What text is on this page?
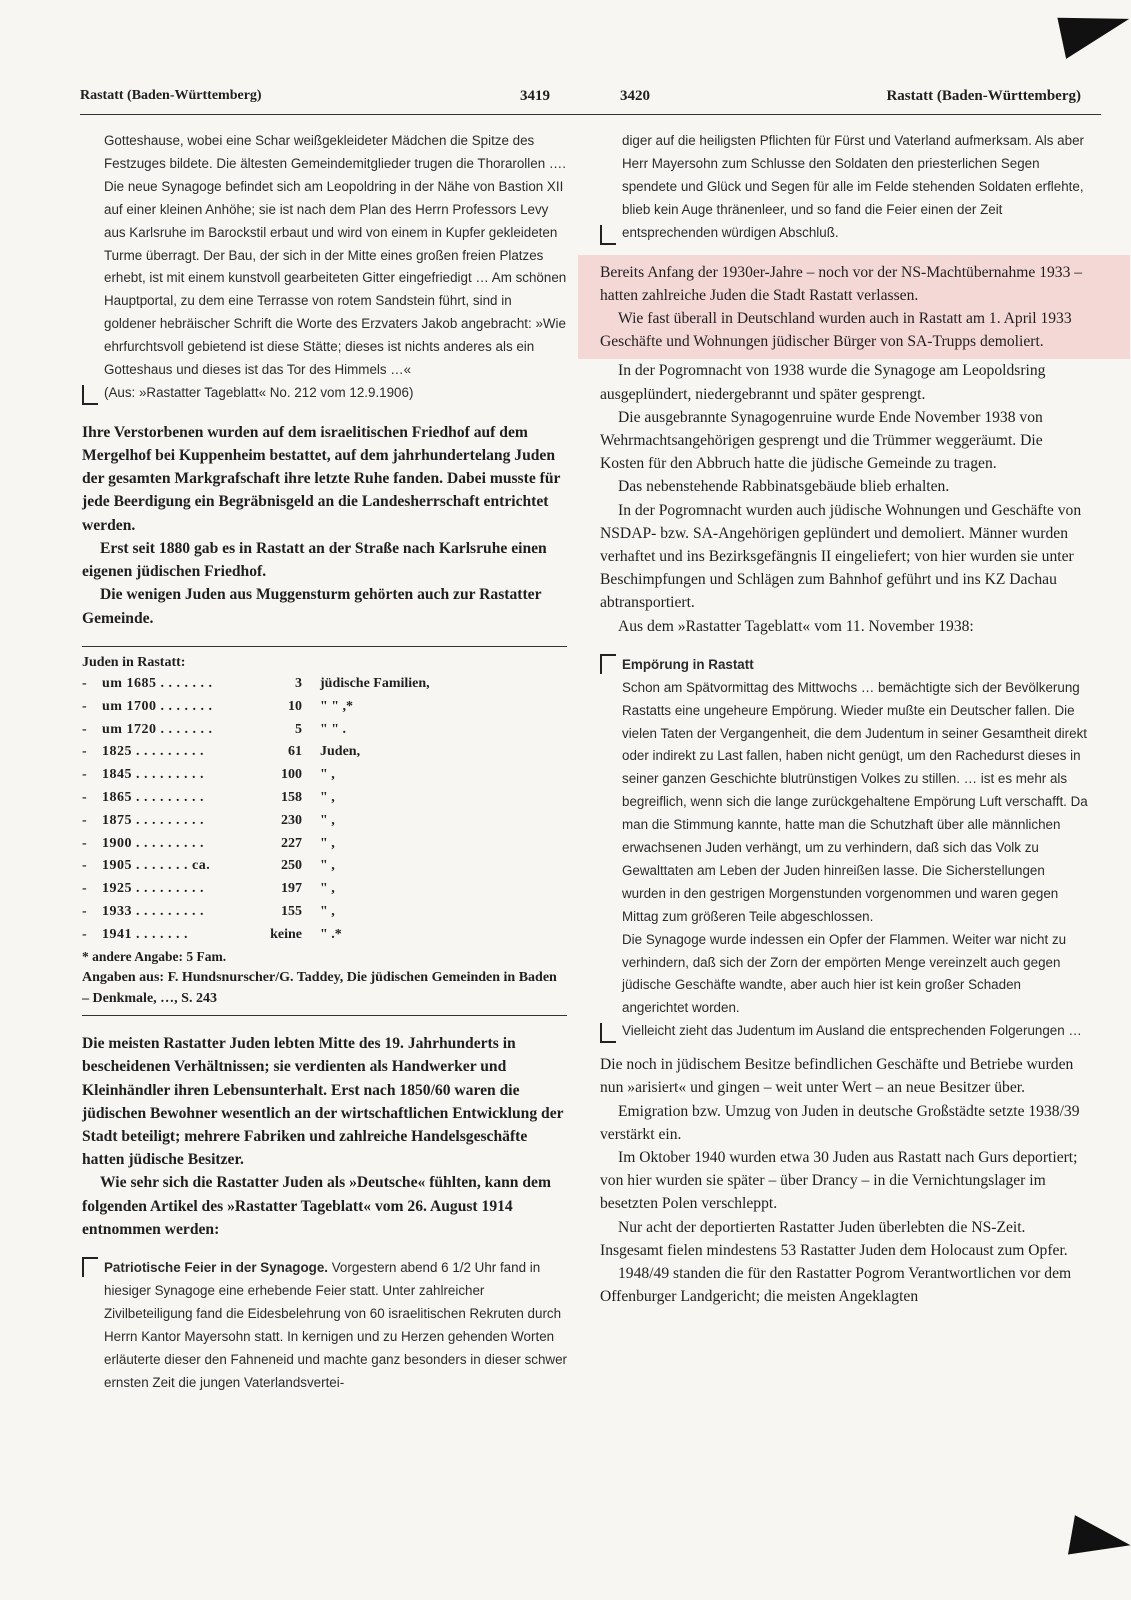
Rastatt (Baden-Württemberg)	3419	3420	Rastatt (Baden-Württemberg)

Gotteshause, wobei eine Schar weißgekleideter Mädchen die Spitze des Festzuges bildete. Die ältesten Gemeindemitglieder trugen die Thorarollen ….

Die neue Synagoge befindet sich am Leopoldring in der Nähe von Bastion XII auf einer kleinen Anhöhe; sie ist nach dem Plan des Herrn Professors Levy aus Karlsruhe im Barockstil erbaut und wird von einem in Kupfer gekleideten Turme überragt. Der Bau, der sich in der Mitte eines großen freien Platzes erhebt, ist mit einem kunstvoll gearbeiteten Gitter eingefriedigt … Am schönen Hauptportal, zu dem eine Terrasse von rotem Sandstein führt, sind in goldener hebräischer Schrift die Worte des Erzvaters Jakob angebracht: »Wie ehrfurchtsvoll gebietend ist diese Stätte; dieses ist nichts anderes als ein Gotteshaus und dieses ist das Tor des Himmels …«

(Aus: »Rastatter Tageblatt« No. 212 vom 12.9.1906)

Ihre Verstorbenen wurden auf dem israelitischen Friedhof auf dem Mergelhof bei Kuppenheim bestattet, auf dem jahrhundertelang Juden der gesamten Markgrafschaft ihre letzte Ruhe fanden. Dabei musste für jede Beerdigung ein Begräbnisgeld an die Landesherrschaft entrichtet werden.

Erst seit 1880 gab es in Rastatt an der Straße nach Karlsruhe einen eigenen jüdischen Friedhof.

Die wenigen Juden aus Muggensturm gehörten auch zur Rastatter Gemeinde.

Juden in Rastatt:
-	um 1685 . . . . . . .	3	jüdische Familien,
-	um 1700 . . . . . . .	10	" " ,*
-	um 1720 . . . . . . .	5	" " .
-	1825 . . . . . . . . .	61	Juden,
-	1845 . . . . . . . . .	100	" ,
-	1865 . . . . . . . . .	158	" ,
-	1875 . . . . . . . . .	230	" ,
-	1900 . . . . . . . . .	227	" ,
-	1905 . . . . . . . ca.	250	" ,
-	1925 . . . . . . . . .	197	" ,
-	1933 . . . . . . . . .	155	" ,
-	1941 . . . . . . .	keine	" .*
* andere Angabe: 5 Fam.
Angaben aus: F. Hundsnurscher/G. Taddey, Die jüdischen Gemeinden in Baden – Denkmale, …, S. 243

Die meisten Rastatter Juden lebten Mitte des 19. Jahrhunderts in bescheidenen Verhältnissen; sie verdienten als Handwerker und Kleinhändler ihren Lebensunterhalt. Erst nach 1850/60 waren die jüdischen Bewohner wesentlich an der wirtschaftlichen Entwicklung der Stadt beteiligt; mehrere Fabriken und zahlreiche Handelsgeschäfte hatten jüdische Besitzer.

Wie sehr sich die Rastatter Juden als »Deutsche« fühlten, kann dem folgenden Artikel des »Rastatter Tageblatt« vom 26. August 1914 entnommen werden:

Patriotische Feier in der Synagoge. Vorgestern abend 6 1/2 Uhr fand in hiesiger Synagoge eine erhebende Feier statt. Unter zahlreicher Zivilbeteiligung fand die Eidesbelehrung von 60 israelitischen Rekruten durch Herrn Kantor Mayersohn statt. In kernigen und zu Herzen gehenden Worten erläuterte dieser den Fahneneid und machte ganz besonders in dieser schwer ernsten Zeit die jungen Vaterlandsvertei-

diger auf die heiligsten Pflichten für Fürst und Vaterland aufmerksam. Als aber Herr Mayersohn zum Schlusse den Soldaten den priesterlichen Segen spendete und Glück und Segen für alle im Felde stehenden Soldaten erflehte, blieb kein Auge thränenleer, und so fand die Feier einen der Zeit entsprechenden würdigen Abschluß.

Bereits Anfang der 1930er-Jahre – noch vor der NS-Machtübernahme 1933 – hatten zahlreiche Juden die Stadt Rastatt verlassen.

Wie fast überall in Deutschland wurden auch in Rastatt am 1. April 1933 Geschäfte und Wohnungen jüdischer Bürger von SA-Trupps demoliert.

In der Pogromnacht von 1938 wurde die Synagoge am Leopoldsring ausgeplündert, niedergebrannt und später gesprengt.

Die ausgebrannte Synagogenruine wurde Ende November 1938 von Wehrmachtsangehörigen gesprengt und die Trümmer weggeräumt. Die Kosten für den Abbruch hatte die jüdische Gemeinde zu tragen.

Das nebenstehende Rabbinatsgebäude blieb erhalten.

In der Pogromnacht wurden auch jüdische Wohnungen und Geschäfte von NSDAP- bzw. SA-Angehörigen geplündert und demoliert. Männer wurden verhaftet und ins Bezirksgefängnis II eingeliefert; von hier wurden sie unter Beschimpfungen und Schlägen zum Bahnhof geführt und ins KZ Dachau abtransportiert.

Aus dem »Rastatter Tageblatt« vom 11. November 1938:

Empörung in Rastatt

Schon am Spätvormittag des Mittwochs … bemächtigte sich der Bevölkerung Rastatts eine ungeheure Empörung. Wieder mußte ein Deutscher fallen. Die vielen Taten der Vergangenheit, die dem Judentum in seiner Gesamtheit direkt oder indirekt zu Last fallen, haben nicht genügt, um den Rachedurst dieses in seiner ganzen Geschichte blutrünstigen Volkes zu stillen. … ist es mehr als begreiflich, wenn sich die lange zurückgehaltene Empörung Luft verschafft. Da man die Stimmung kannte, hatte man die Schutzhaft über alle männlichen erwachsenen Juden verhängt, um zu verhindern, daß sich das Volk zu Gewalttaten am Leben der Juden hinreißen lasse. Die Sicherstellungen wurden in den gestrigen Morgenstunden vorgenommen und waren gegen Mittag zum größeren Teile abgeschlossen.

Die Synagoge wurde indessen ein Opfer der Flammen. Weiter war nicht zu verhindern, daß sich der Zorn der empörten Menge vereinzelt auch gegen jüdische Geschäfte wandte, aber auch hier ist kein großer Schaden angerichtet worden.

Vielleicht zieht das Judentum im Ausland die entsprechenden Folgerungen …

Die noch in jüdischem Besitze befindlichen Geschäfte und Betriebe wurden nun »arisiert« und gingen – weit unter Wert – an neue Besitzer über.

Emigration bzw. Umzug von Juden in deutsche Großstädte setzte 1938/39 verstärkt ein.

Im Oktober 1940 wurden etwa 30 Juden aus Rastatt nach Gurs deportiert; von hier wurden sie später – über Drancy – in die Vernichtungslager im besetzten Polen verschleppt.

Nur acht der deportierten Rastatter Juden überlebten die NS-Zeit. Insgesamt fielen mindestens 53 Rastatter Juden dem Holocaust zum Opfer.

1948/49 standen die für den Rastatter Pogrom Verantwortlichen vor dem Offenburger Landgericht; die meisten Angeklagten
